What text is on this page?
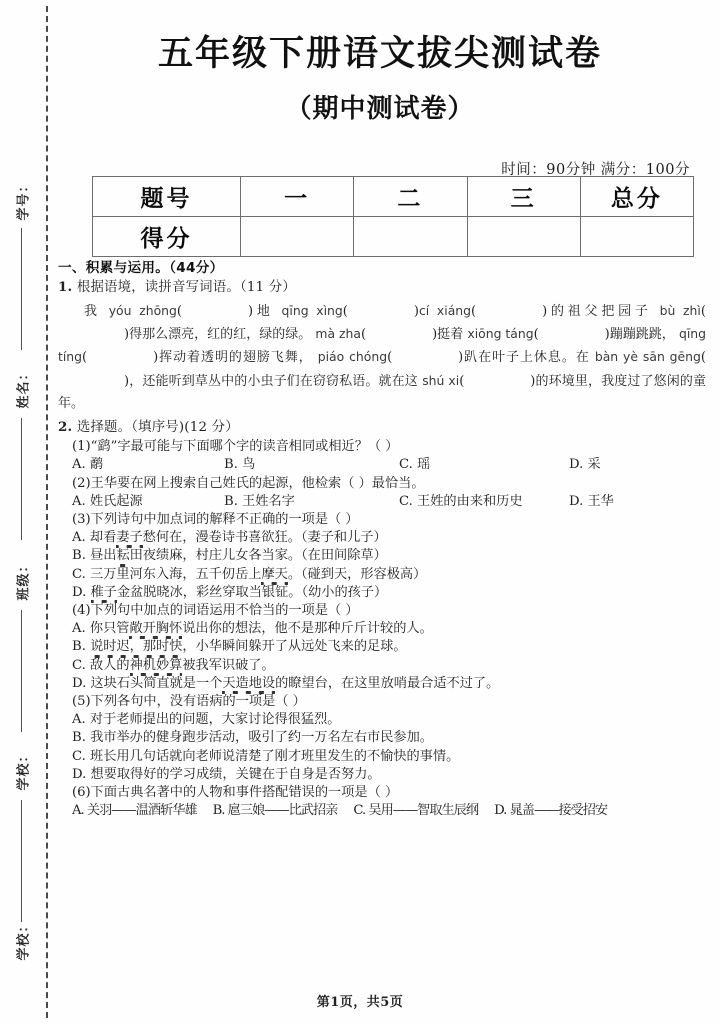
学号：
姓名：
班级：
学校：
学校：
五年级下册语文拔尖测试卷
（期中测试卷）
时间：90分钟 满分：100分
题号	一	二	三	总分
得分				
一、积累与运用。（44分）
1. 根据语境，读拼音写词语。（11 分）
我 yóu zhōng(	)地 qīng xìng(	)cí xiáng(	)的祖父把园子 bù zhì()得那么漂亮，红的红，绿的绿。 mà zha(	)挺着 xiōng táng(	)蹦蹦跳跳， qīng tíng(	)挥动着透明的翅膀飞舞， piáo chóng(	)趴在叶子上休息。在 bàn yè sān gēng()，还能听到草丛中的小虫子们在窃窃私语。就在这 shú xi(	)的环境里，我度过了悠闲的童年。
2. 选择题。（填序号)(12 分）
(1)“鹞”字最可能与下面哪个字的读音相同或相近？（ ）
A. 鹬	B. 鸟	C. 瑶	D. 采
(2)王华要在网上搜索自己姓氏的起源，他检索（ ）最恰当。
A. 姓氏起源	B. 王姓名字	C. 王姓的由来和历史	D. 王华
(3)下列诗句中加点词的解释不正确的一项是（ ）
A. 却看妻子愁何在，漫卷诗书喜欲狂。（妻子和儿子）
B. 昼出耘田夜绩麻，村庄儿女各当家。（在田间除草）
C. 三万里河东入海，五千仞岳上摩天。（碰到天，形容极高）
D. 稚子金盆脱晓冰，彩丝穿取当银钲。（幼小的孩子）
(4)下列句中加点的词语运用不恰当的一项是（ ）
A. 你只管敞开胸怀说出你的想法，他不是那种斤斤计较的人。
B. 说时迟，那时快，小华瞬间躲开了从远处飞来的足球。
C. 敌人的神机妙算被我军识破了。
D. 这块石头简直就是一个天造地设的瞭望台，在这里放哨最合适不过了。
(5)下列各句中，没有语病的一项是（ ）
A. 对于老师提出的问题，大家讨论得很猛烈。
B. 我市举办的健身跑步活动，吸引了约一万名左右市民参加。
C. 班长用几句话就向老师说清楚了刚才班里发生的不愉快的事情。
D. 想要取得好的学习成绩，关键在于自身是否努力。
(6)下面古典名著中的人物和事件搭配错误的一项是（ ）
A. 关羽——温酒斩华雄 B. 扈三娘——比武招亲 C. 吴用——智取生辰纲 D. 晁盖——接受招安
第1页，共5页
